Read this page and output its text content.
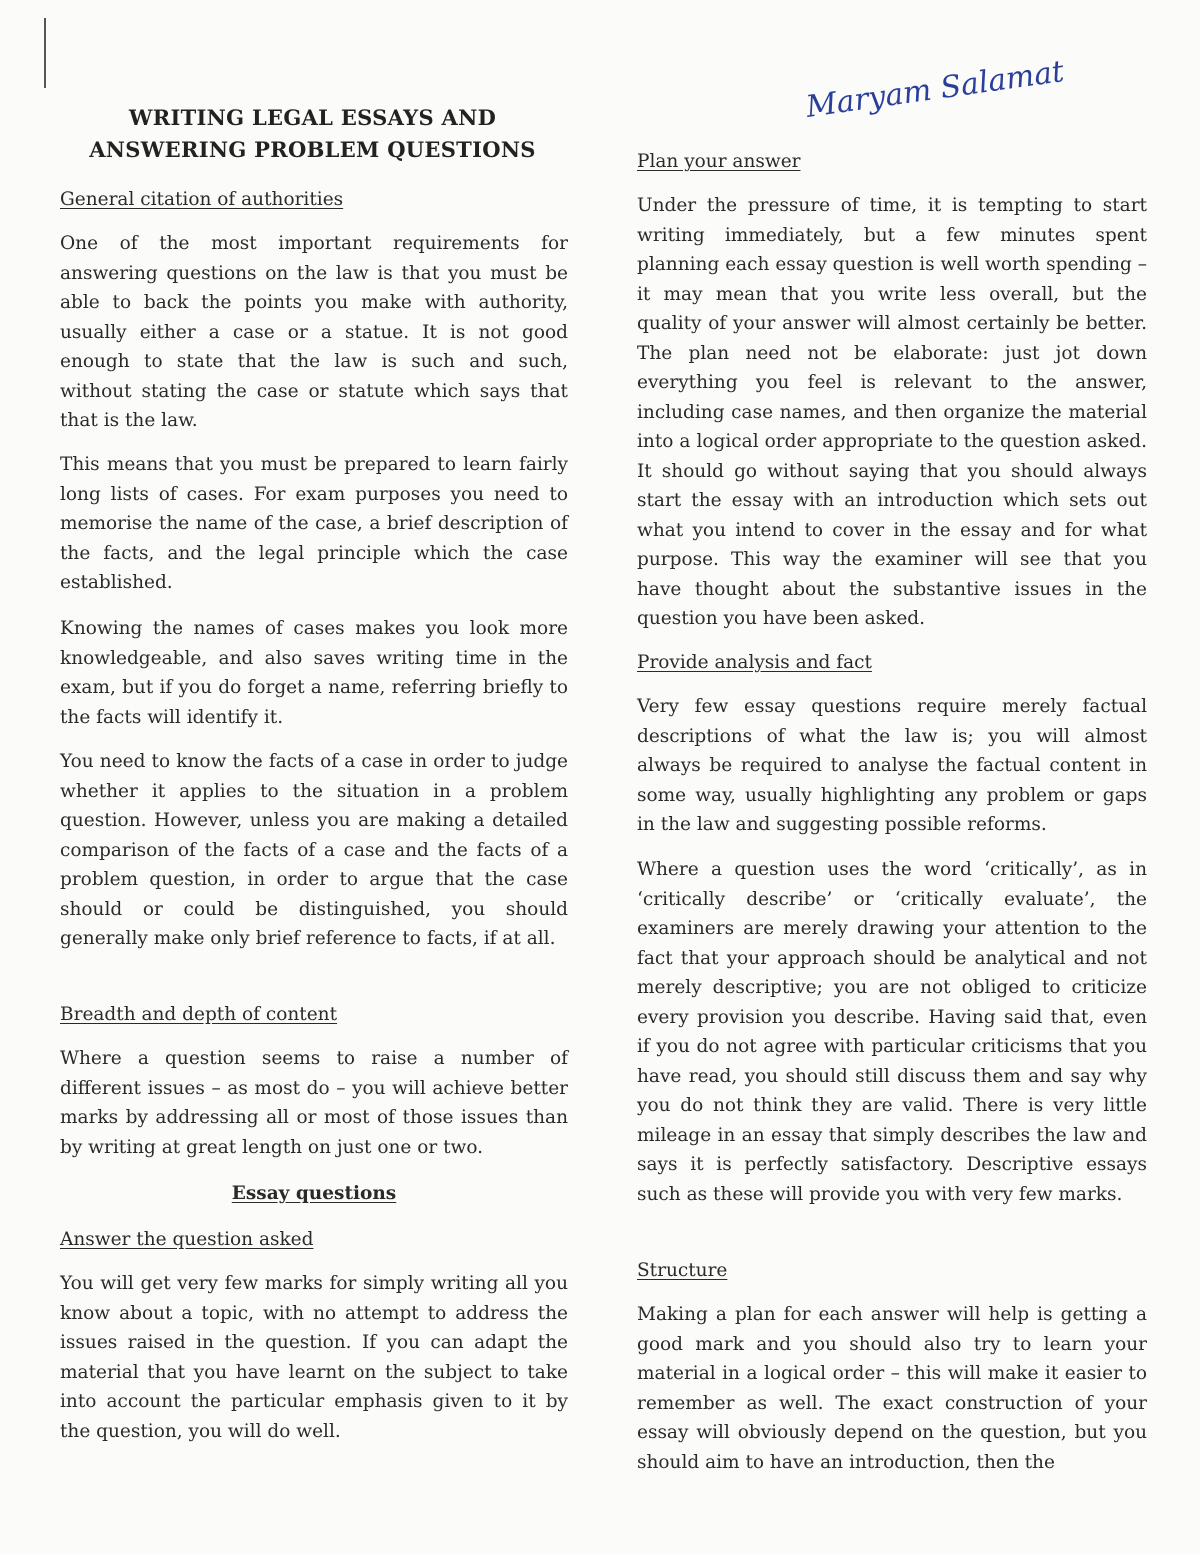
Maryam Salamat
WRITING LEGAL ESSAYS AND
ANSWERING PROBLEM QUESTIONS
General citation of authorities

One of the most important requirements for answering questions on the law is that you must be able to back the points you make with authority, usually either a case or a statue. It is not good enough to state that the law is such and such, without stating the case or statute which says that that is the law.

This means that you must be prepared to learn fairly long lists of cases. For exam purposes you need to memorise the name of the case, a brief description of the facts, and the legal principle which the case established.

Knowing the names of cases makes you look more knowledgeable, and also saves writing time in the exam, but if you do forget a name, referring briefly to the facts will identify it.

You need to know the facts of a case in order to judge whether it applies to the situation in a problem question. However, unless you are making a detailed comparison of the facts of a case and the facts of a problem question, in order to argue that the case should or could be distinguished, you should generally make only brief reference to facts, if at all.

Breadth and depth of content

Where a question seems to raise a number of different issues – as most do – you will achieve better marks by addressing all or most of those issues than by writing at great length on just one or two.

Essay questions
Answer the question asked

You will get very few marks for simply writing all you know about a topic, with no attempt to address the issues raised in the question. If you can adapt the material that you have learnt on the subject to take into account the particular emphasis given to it by the question, you will do well.

Plan your answer

Under the pressure of time, it is tempting to start writing immediately, but a few minutes spent planning each essay question is well worth spending – it may mean that you write less overall, but the quality of your answer will almost certainly be better. The plan need not be elaborate: just jot down everything you feel is relevant to the answer, including case names, and then organize the material into a logical order appropriate to the question asked. It should go without saying that you should always start the essay with an introduction which sets out what you intend to cover in the essay and for what purpose. This way the examiner will see that you have thought about the substantive issues in the question you have been asked.

Provide analysis and fact

Very few essay questions require merely factual descriptions of what the law is; you will almost always be required to analyse the factual content in some way, usually highlighting any problem or gaps in the law and suggesting possible reforms.

Where a question uses the word ‘critically’, as in ‘critically describe’ or ‘critically evaluate’, the examiners are merely drawing your attention to the fact that your approach should be analytical and not merely descriptive; you are not obliged to criticize every provision you describe. Having said that, even if you do not agree with particular criticisms that you have read, you should still discuss them and say why you do not think they are valid. There is very little mileage in an essay that simply describes the law and says it is perfectly satisfactory. Descriptive essays such as these will provide you with very few marks.

Structure

Making a plan for each answer will help is getting a good mark and you should also try to learn your material in a logical order – this will make it easier to remember as well. The exact construction of your essay will obviously depend on the question, but you should aim to have an introduction, then the
